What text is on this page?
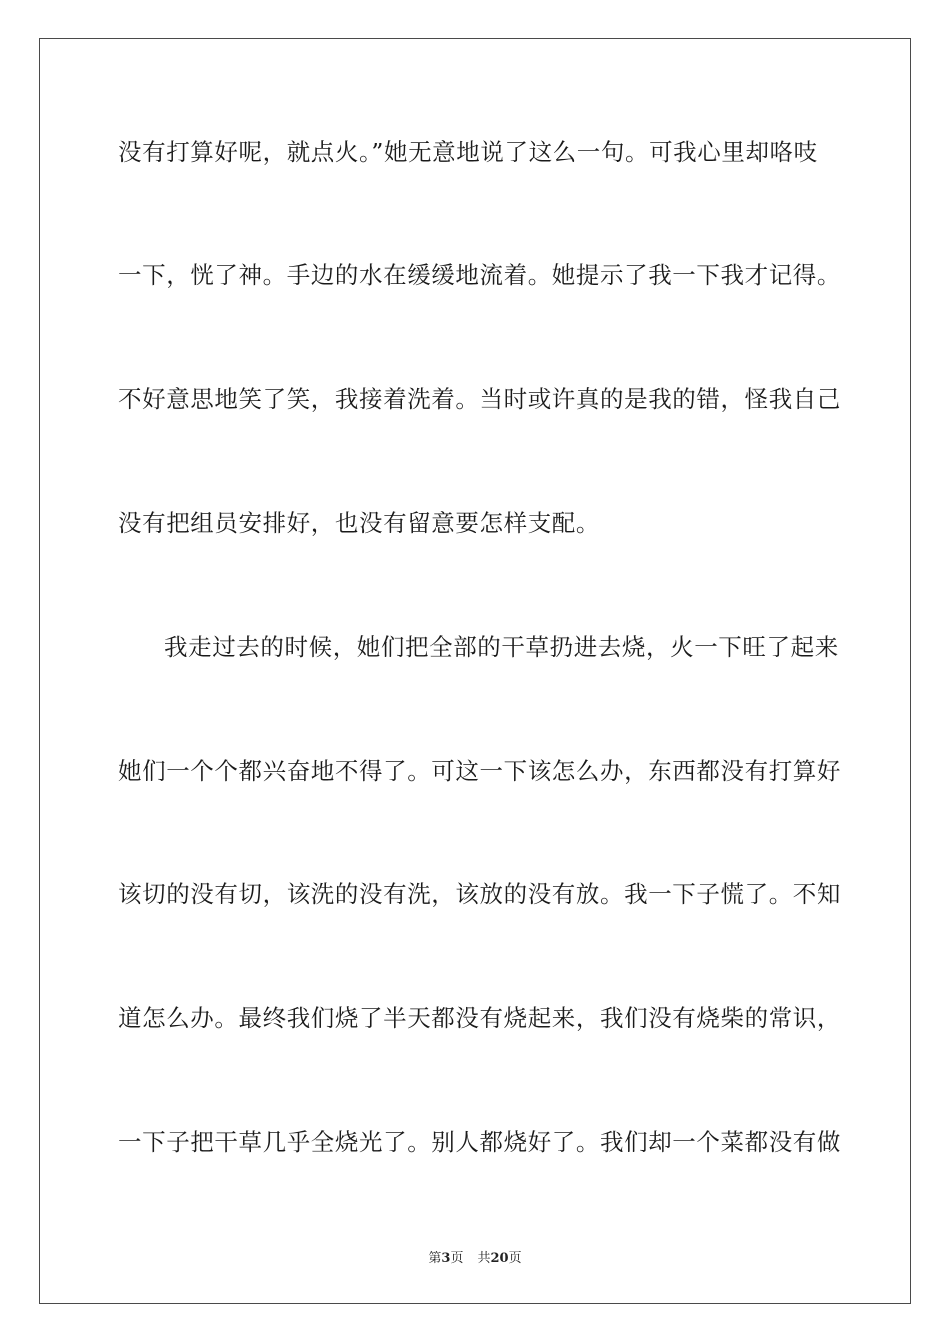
没有打算好呢，就点火。”她无意地说了这么一句。可我心里却咯吱

一下，恍了神。手边的水在缓缓地流着。她提示了我一下我才记得。

不好意思地笑了笑，我接着洗着。当时或许真的是我的错，怪我自己

没有把组员安排好，也没有留意要怎样支配。

我走过去的时候，她们把全部的干草扔进去烧，火一下旺了起来

她们一个个都兴奋地不得了。可这一下该怎么办，东西都没有打算好

该切的没有切，该洗的没有洗，该放的没有放。我一下子慌了。不知

道怎么办。最终我们烧了半天都没有烧起来，我们没有烧柴的常识，

一下子把干草几乎全烧光了。别人都烧好了。我们却一个菜都没有做

第3页 共20页
